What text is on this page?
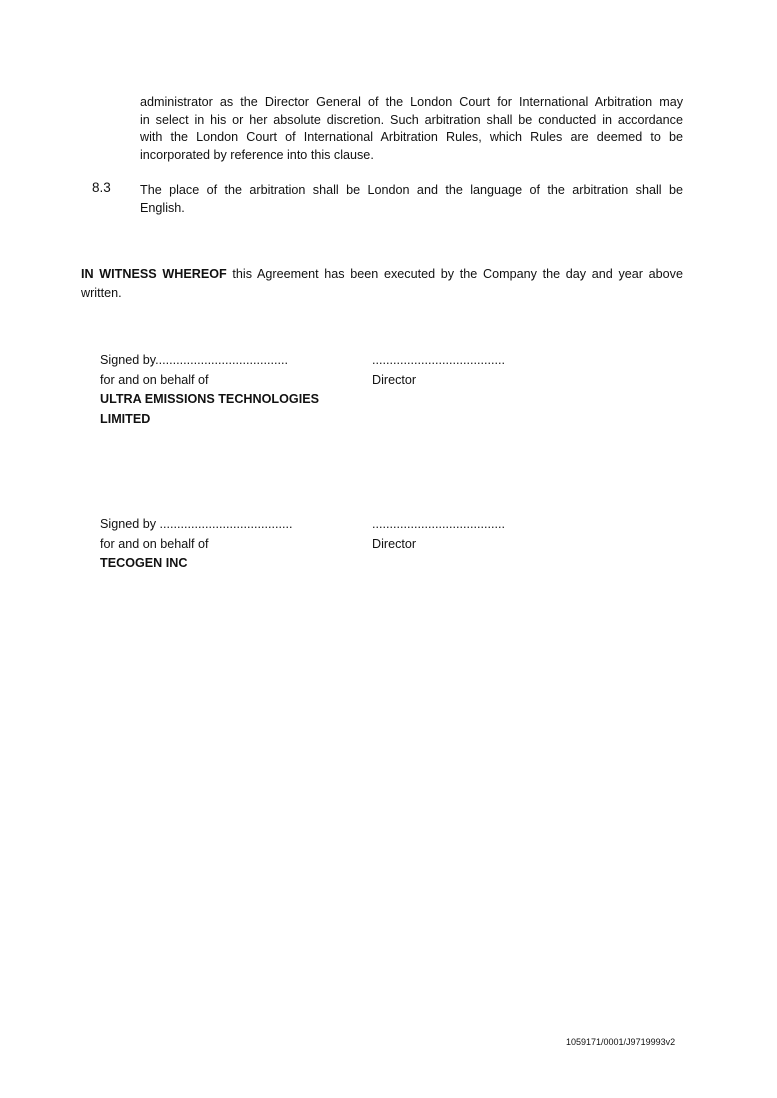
administrator as the Director General of the London Court for International Arbitration may
in select in his or her absolute discretion. Such arbitration shall be conducted in accordance
with the London Court of International Arbitration Rules, which Rules are deemed to be
incorporated by reference into this clause.
8.3 The place of the arbitration shall be London and the language of the arbitration shall be
English.
IN WITNESS WHEREOF this Agreement has been executed by the Company the day and year above
written.
Signed by......................................
for and on behalf of
ULTRA EMISSIONS TECHNOLOGIES
LIMITED
......................................
Director
Signed by ......................................
for and on behalf of
TECOGEN INC
......................................
Director
1059171/0001/J9719993v2
